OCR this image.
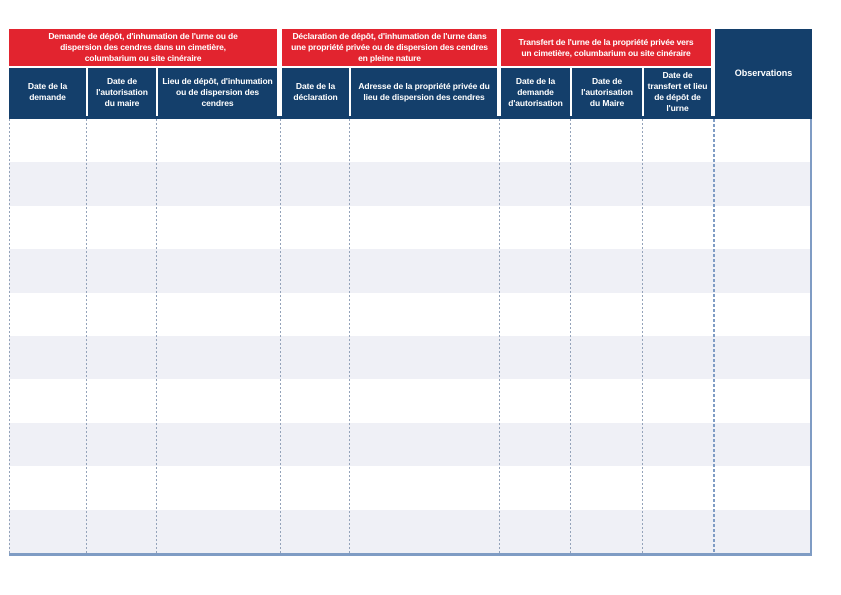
Demande de dépôt, d'inhumation de l'urne ou de dispersion des cendres dans un cimetière, columbarium ou site cinéraire
Date de la demande
Date de l'autorisation du maire
Lieu de dépôt, d'inhumation ou de dispersion des cendres
Déclaration de dépôt, d'inhumation de l'urne dans une propriété privée ou de dispersion des cendres en pleine nature
Date de la déclaration
Adresse de la propriété privée du lieu de dispersion des cendres
Transfert de l'urne de la propriété privée vers un cimetière, columbarium ou site cinéraire
Date de la demande d'autorisation
Date de l'autorisation du Maire
Date de transfert et lieu de dépôt de l'urne
Observations
